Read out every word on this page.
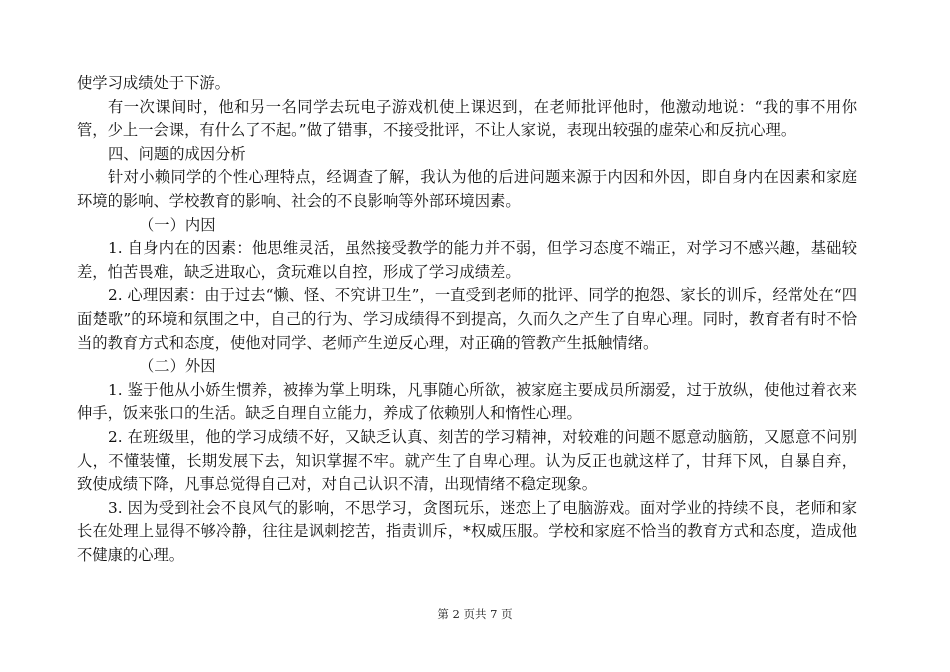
使学习成绩处于下游。

有一次课间时，他和另一名同学去玩电子游戏机使上课迟到，在老师批评他时，他激动地说：“我的事不用你管，少上一会课，有什么了不起。”做了错事，不接受批评，不让人家说，表现出较强的虚荣心和反抗心理。

四、问题的成因分析

针对小赖同学的个性心理特点，经调查了解，我认为他的后进问题来源于内因和外因，即自身内在因素和家庭环境的影响、学校教育的影响、社会的不良影响等外部环境因素。

（一）内因

1. 自身内在的因素：他思维灵活，虽然接受教学的能力并不弱，但学习态度不端正，对学习不感兴趣，基础较差，怕苦畏难，缺乏进取心，贪玩难以自控，形成了学习成绩差。

2. 心理因素：由于过去“懒、怪、不究讲卫生”，一直受到老师的批评、同学的抱怨、家长的训斥，经常处在“四面楚歌”的环境和氛围之中，自己的行为、学习成绩得不到提高，久而久之产生了自卑心理。同时，教育者有时不恰当的教育方式和态度，使他对同学、老师产生逆反心理，对正确的管教产生抵触情绪。

（二）外因

1. 鉴于他从小娇生惯养，被捧为掌上明珠，凡事随心所欲，被家庭主要成员所溺爱，过于放纵，使他过着衣来伸手，饭来张口的生活。缺乏自理自立能力，养成了依赖别人和惰性心理。

2. 在班级里，他的学习成绩不好，又缺乏认真、刻苦的学习精神，对较难的问题不愿意动脑筋，又愿意不问别人，不懂装懂，长期发展下去，知识掌握不牢。就产生了自卑心理。认为反正也就这样了，甘拜下风，自暴自弃，致使成绩下降，凡事总觉得自己对，对自己认识不清，出现情绪不稳定现象。

3. 因为受到社会不良风气的影响，不思学习，贪图玩乐，迷恋上了电脑游戏。面对学业的持续不良，老师和家长在处理上显得不够冷静，往往是讽刺挖苦，指责训斥，*权威压服。学校和家庭不恰当的教育方式和态度，造成他不健康的心理。

第 2 页共 7 页
